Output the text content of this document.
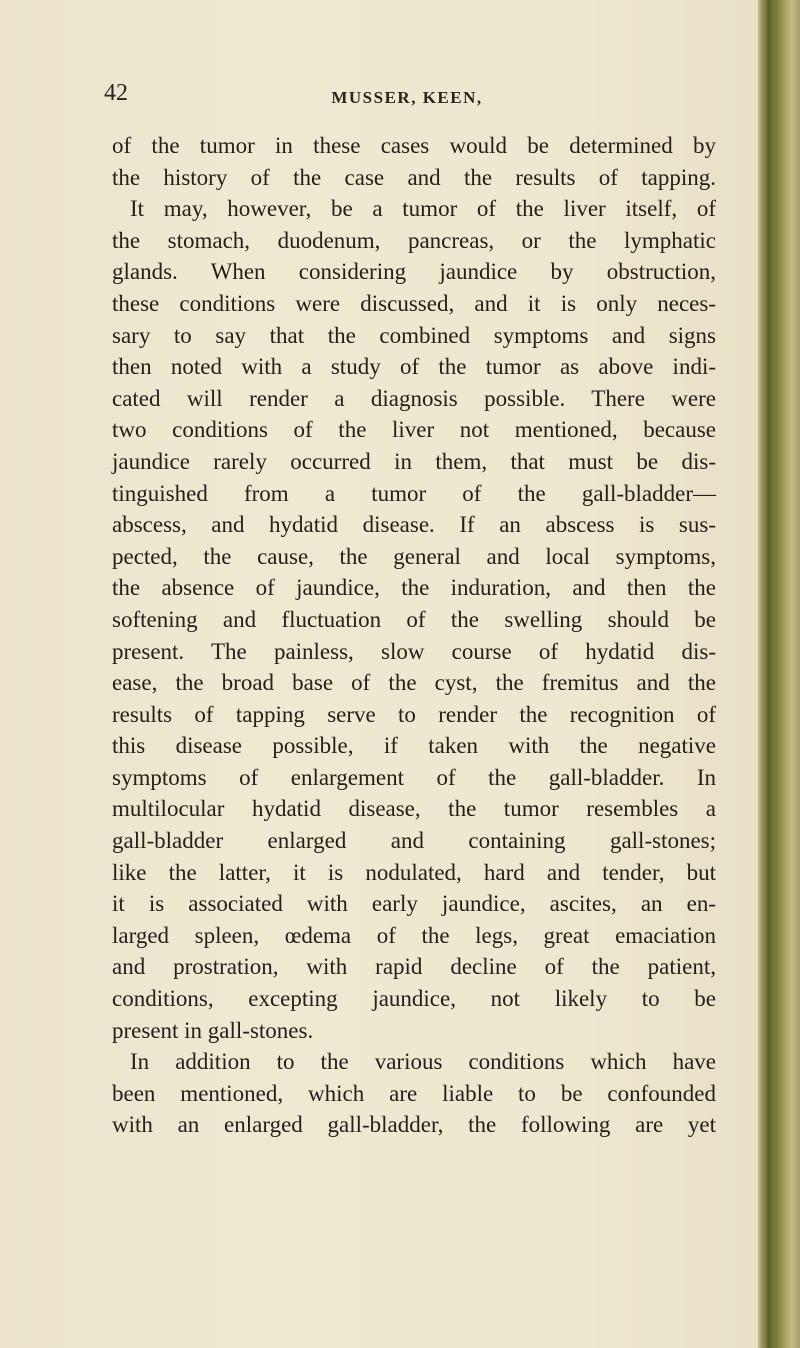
42	MUSSER, KEEN,
of the tumor in these cases would be determined by
the history of the case and the results of tapping.
It may, however, be a tumor of the liver itself, of
the stomach, duodenum, pancreas, or the lymphatic
glands. When considering jaundice by obstruction,
these conditions were discussed, and it is only neces-
sary to say that the combined symptoms and signs
then noted with a study of the tumor as above indi-
cated will render a diagnosis possible. There were
two conditions of the liver not mentioned, because
jaundice rarely occurred in them, that must be dis-
tinguished from a tumor of the gall-bladder—
abscess, and hydatid disease. If an abscess is sus-
pected, the cause, the general and local symptoms,
the absence of jaundice, the induration, and then the
softening and fluctuation of the swelling should be
present. The painless, slow course of hydatid dis-
ease, the broad base of the cyst, the fremitus and the
results of tapping serve to render the recognition of
this disease possible, if taken with the negative
symptoms of enlargement of the gall-bladder. In
multilocular hydatid disease, the tumor resembles a
gall-bladder enlarged and containing gall-stones;
like the latter, it is nodulated, hard and tender, but
it is associated with early jaundice, ascites, an en-
larged spleen, œdema of the legs, great emaciation
and prostration, with rapid decline of the patient,
conditions, excepting jaundice, not likely to be
present in gall-stones.
In addition to the various conditions which have
been mentioned, which are liable to be confounded
with an enlarged gall-bladder, the following are yet
